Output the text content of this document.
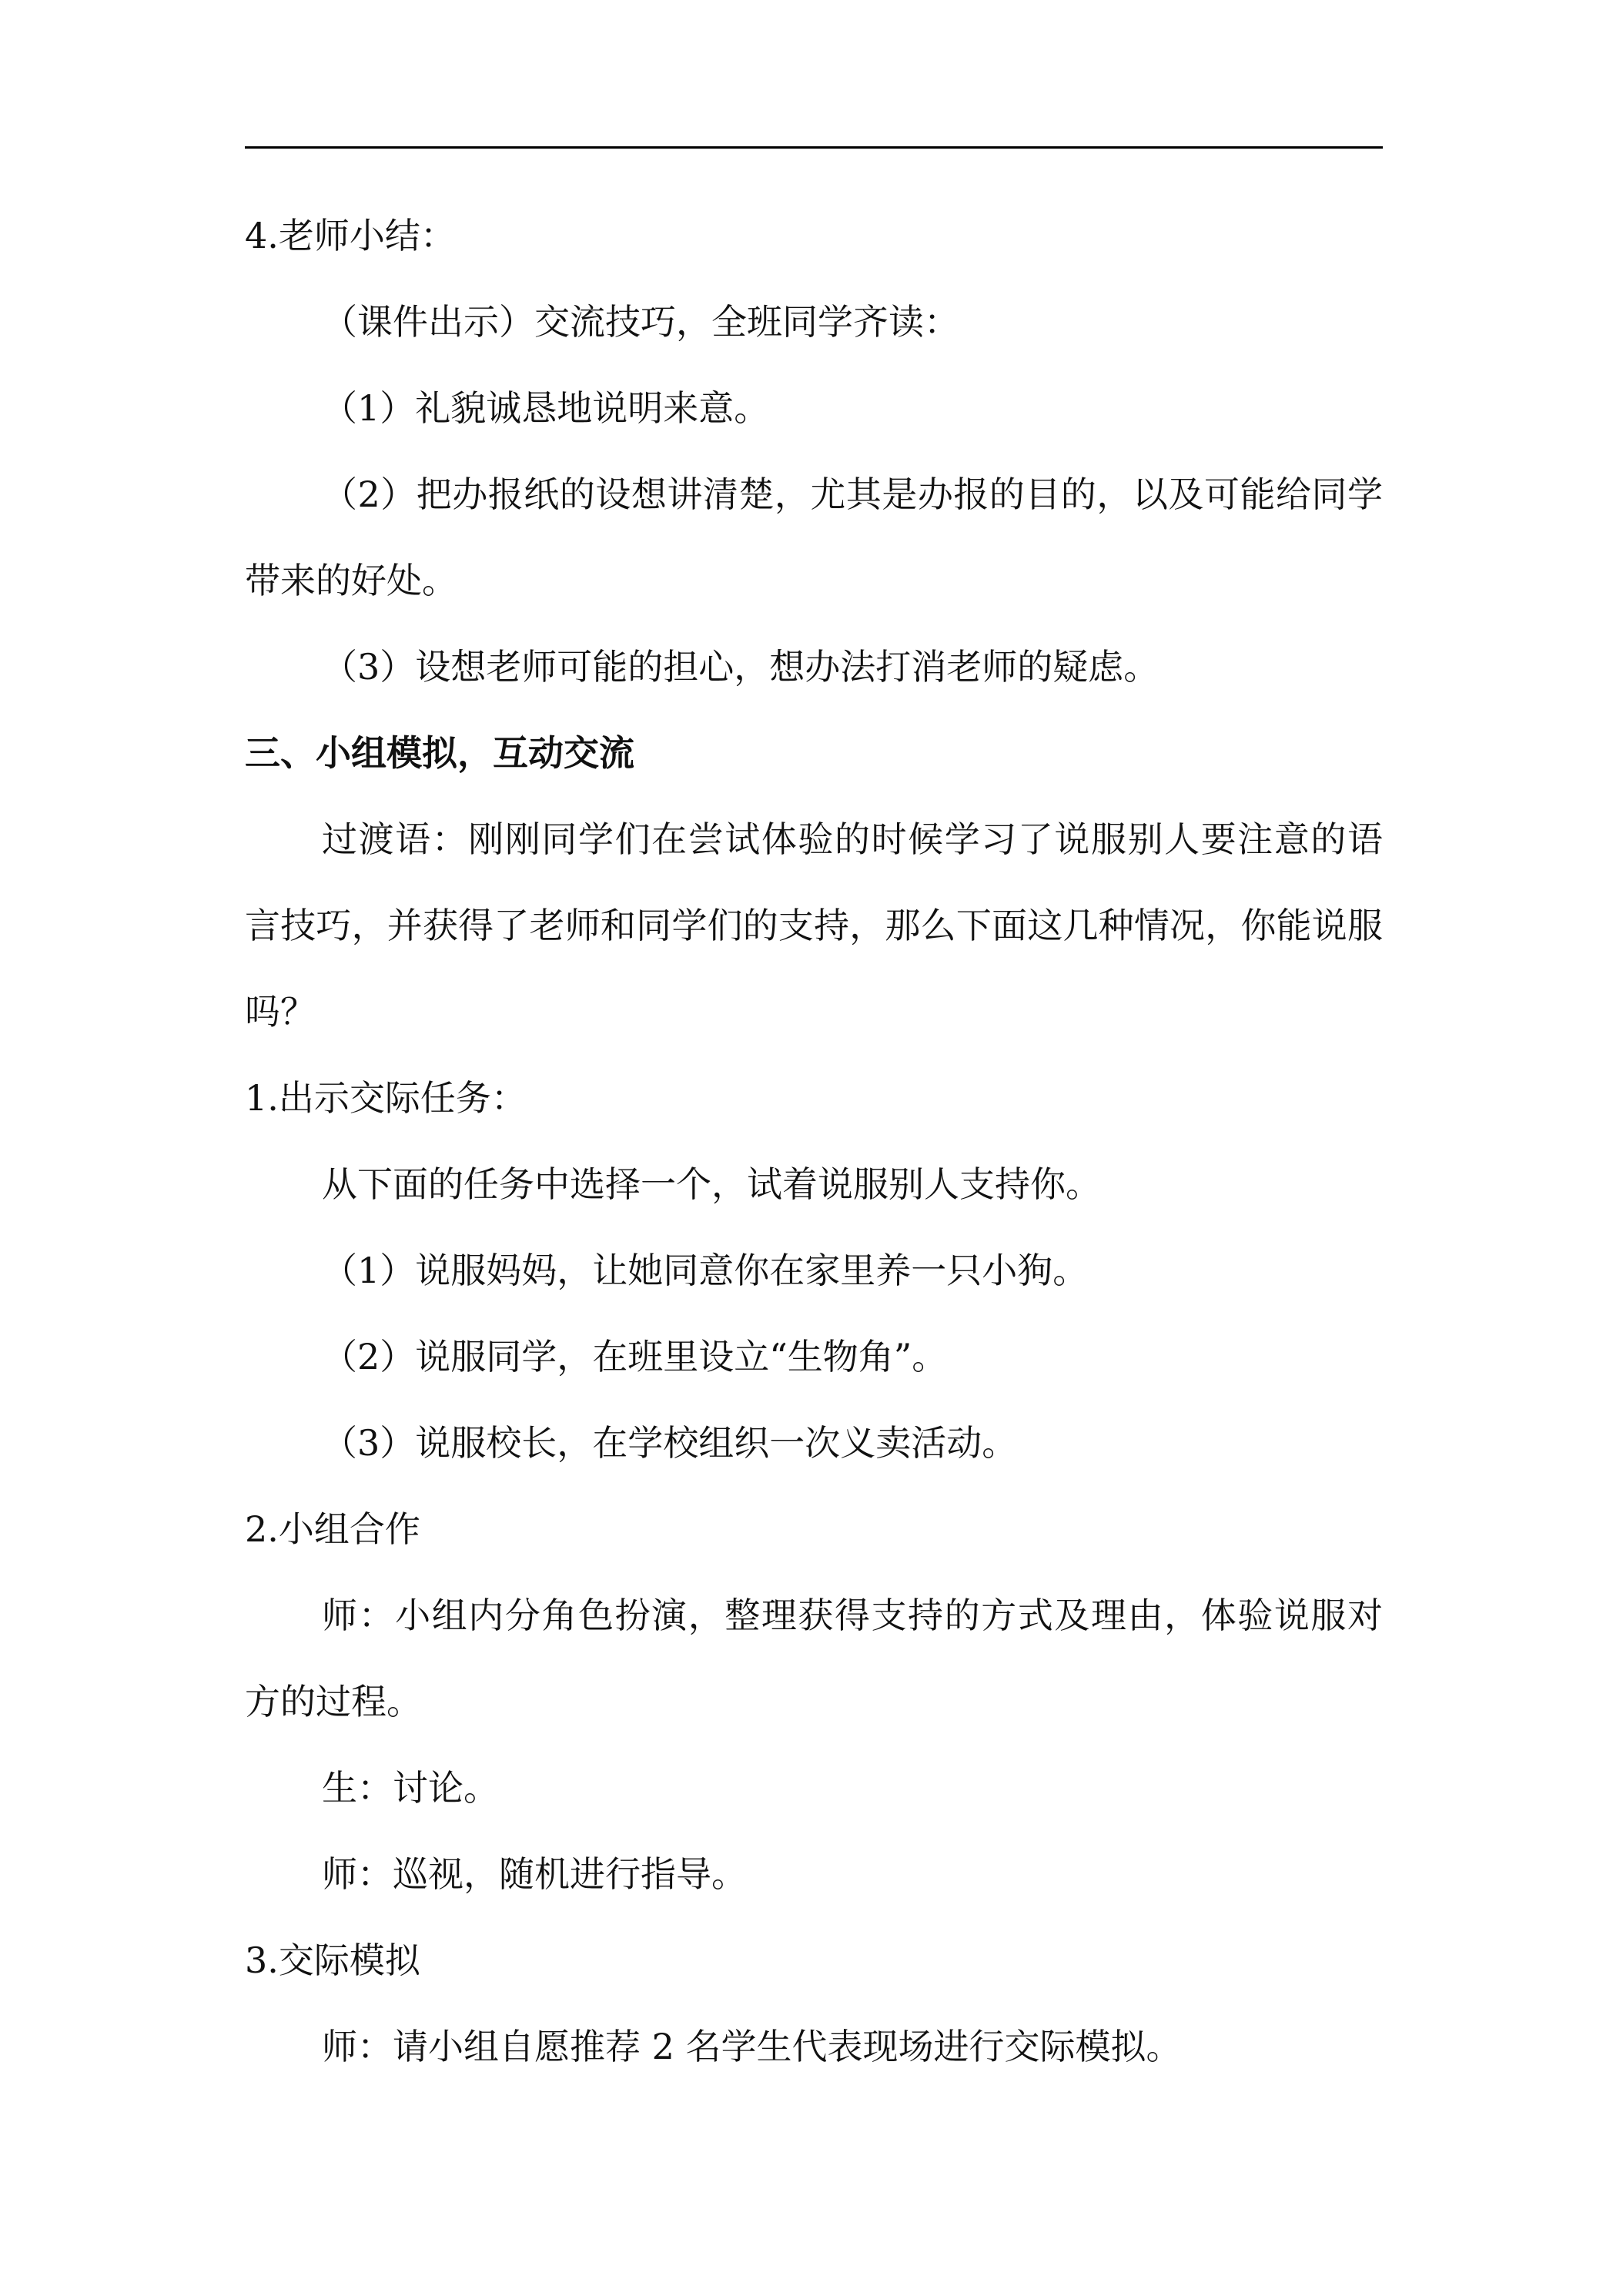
4.老师小结：

（课件出示）交流技巧，全班同学齐读：

（1）礼貌诚恳地说明来意。

（2）把办报纸的设想讲清楚，尤其是办报的目的，以及可能给同学带来的好处。

（3）设想老师可能的担心，想办法打消老师的疑虑。

三、小组模拟，互动交流

过渡语：刚刚同学们在尝试体验的时候学习了说服别人要注意的语言技巧，并获得了老师和同学们的支持，那么下面这几种情况，你能说服吗？

1.出示交际任务：

从下面的任务中选择一个，试着说服别人支持你。

（1）说服妈妈，让她同意你在家里养一只小狗。

（2）说服同学，在班里设立“生物角”。

（3）说服校长，在学校组织一次义卖活动。

2.小组合作

师：小组内分角色扮演，整理获得支持的方式及理由，体验说服对方的过程。

生：讨论。

师：巡视，随机进行指导。

3.交际模拟

师：请小组自愿推荐 2 名学生代表现场进行交际模拟。
